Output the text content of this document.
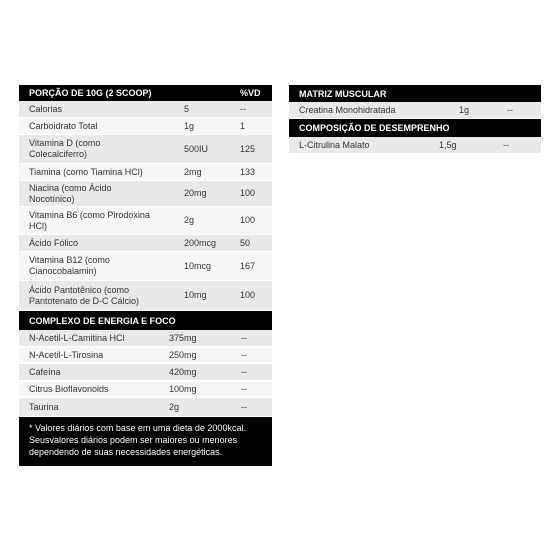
PORÇÃO DE 10G (2 SCOOP)	%VD
Calorias	5	--
Carboidrato Total	1g	1
Vitamina D (como
Colecalciferro)
500IU	125
Tiamina (como Tiamina HCl)	2mg	133
Niacina (como Ácido
Nocotínico)
20mg	100
Vitamina B6 (como Pirodoxina
HCl)
2g	100
Ácido Fólico	200mcg	50
Vitamina B12 (como
Cianocobalamin)
10mcg	167
Ácido Pantotênico (como
Pantotenato de D-C Cálcio)
10mg	100
COMPLEXO DE ENERGIA E FOCO
N-Acetil-L-Camitina HCl	375mg	--
N-Acetil-L-Tirosina	250mg	--
Cafeína	420mg	--
Citrus Bioflavonoids	100mg	--
Taurina	2g	--
* Valores diários com base em uma dieta de 2000kcal.
Seusvalores diários podem ser maiores ou menores
dependendo de suas necessidades energéticas.
MATRIZ MUSCULAR
Creatina Monohidratada	1g	--
COMPOSIÇÃO DE DESEMPRENHO
L-Citrulina Malato	1,5g	--
